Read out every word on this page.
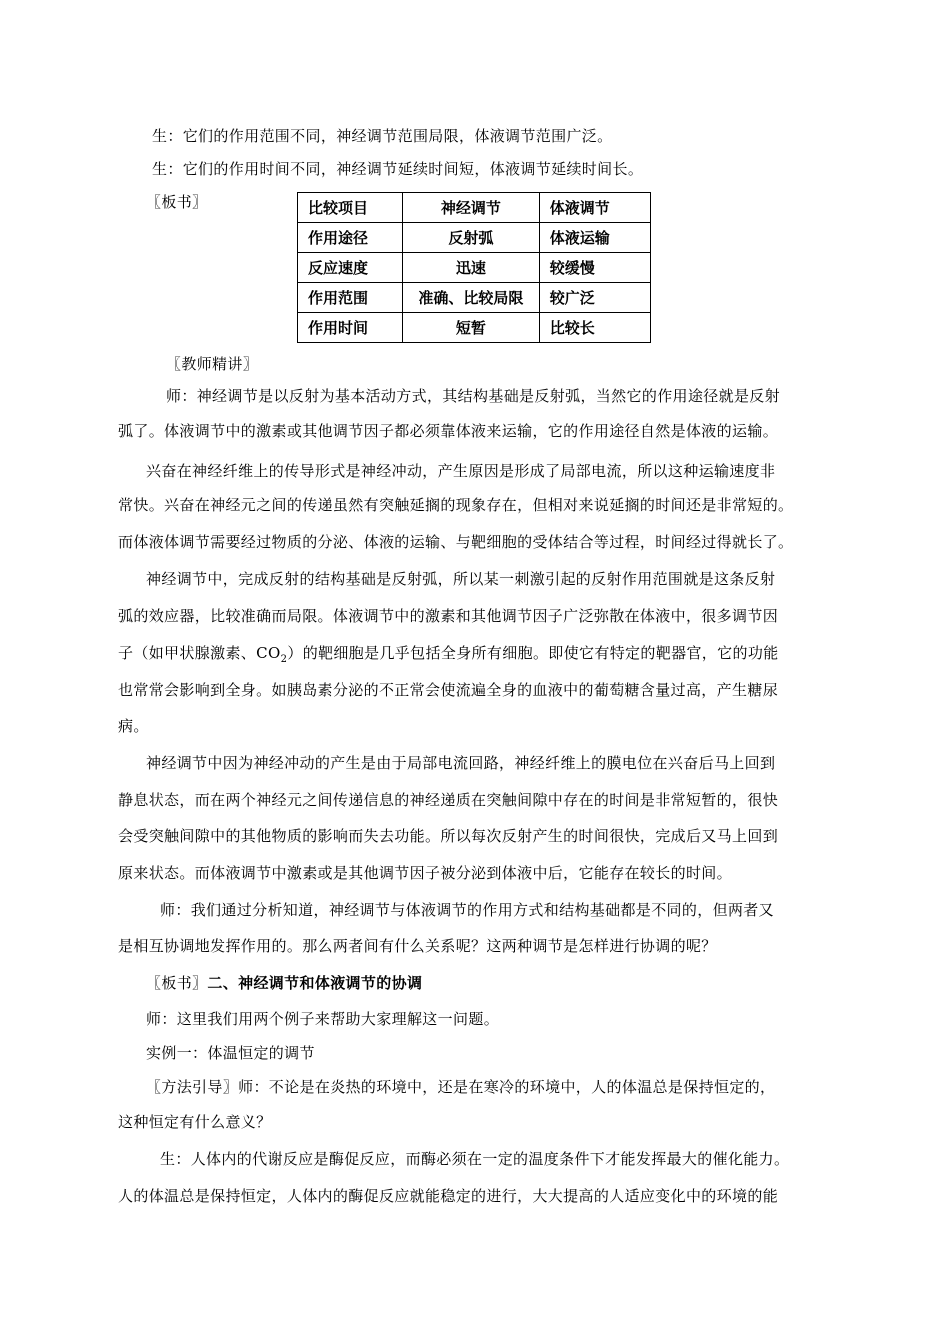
生：它们的作用范围不同，神经调节范围局限，体液调节范围广泛。
生：它们的作用时间不同，神经调节延续时间短，体液调节延续时间长。
〖板书〗	比较项目	神经调节	体液调节
作用途径	反射弧	体液运输
反应速度	迅速	较缓慢
作用范围	准确、比较局限	较广泛
作用时间	短暂	比较长
〖教师精讲〗
师：神经调节是以反射为基本活动方式，其结构基础是反射弧，当然它的作用途径就是反射
弧了。体液调节中的激素或其他调节因子都必须靠体液来运输，它的作用途径自然是体液的运输。
兴奋在神经纤维上的传导形式是神经冲动，产生原因是形成了局部电流，所以这种运输速度非
常快。兴奋在神经元之间的传递虽然有突触延搁的现象存在，但相对来说延搁的时间还是非常短的。
而体液体调节需要经过物质的分泌、体液的运输、与靶细胞的受体结合等过程，时间经过得就长了。
神经调节中，完成反射的结构基础是反射弧，所以某一刺激引起的反射作用范围就是这条反射
弧的效应器，比较准确而局限。体液调节中的激素和其他调节因子广泛弥散在体液中，很多调节因
子（如甲状腺激素、$CO_2$）的靶细胞是几乎包括全身所有细胞。即使它有特定的靶器官，它的功能
也常常会影响到全身。如胰岛素分泌的不正常会使流遍全身的血液中的葡萄糖含量过高，产生糖尿
病。
神经调节中因为神经冲动的产生是由于局部电流回路，神经纤维上的膜电位在兴奋后马上回到
静息状态，而在两个神经元之间传递信息的神经递质在突触间隙中存在的时间是非常短暂的，很快
会受突触间隙中的其他物质的影响而失去功能。所以每次反射产生的时间很快，完成后又马上回到
原来状态。而体液调节中激素或是其他调节因子被分泌到体液中后，它能存在较长的时间。
师：我们通过分析知道，神经调节与体液调节的作用方式和结构基础都是不同的，但两者又
是相互协调地发挥作用的。那么两者间有什么关系呢？这两种调节是怎样进行协调的呢？
〖板书〗二、神经调节和体液调节的协调
师：这里我们用两个例子来帮助大家理解这一问题。
实例一：体温恒定的调节
〖方法引导〗师：不论是在炎热的环境中，还是在寒冷的环境中，人的体温总是保持恒定的，
这种恒定有什么意义？
生：人体内的代谢反应是酶促反应，而酶必须在一定的温度条件下才能发挥最大的催化能力。
人的体温总是保持恒定，人体内的酶促反应就能稳定的进行，大大提高的人适应变化中的环境的能
